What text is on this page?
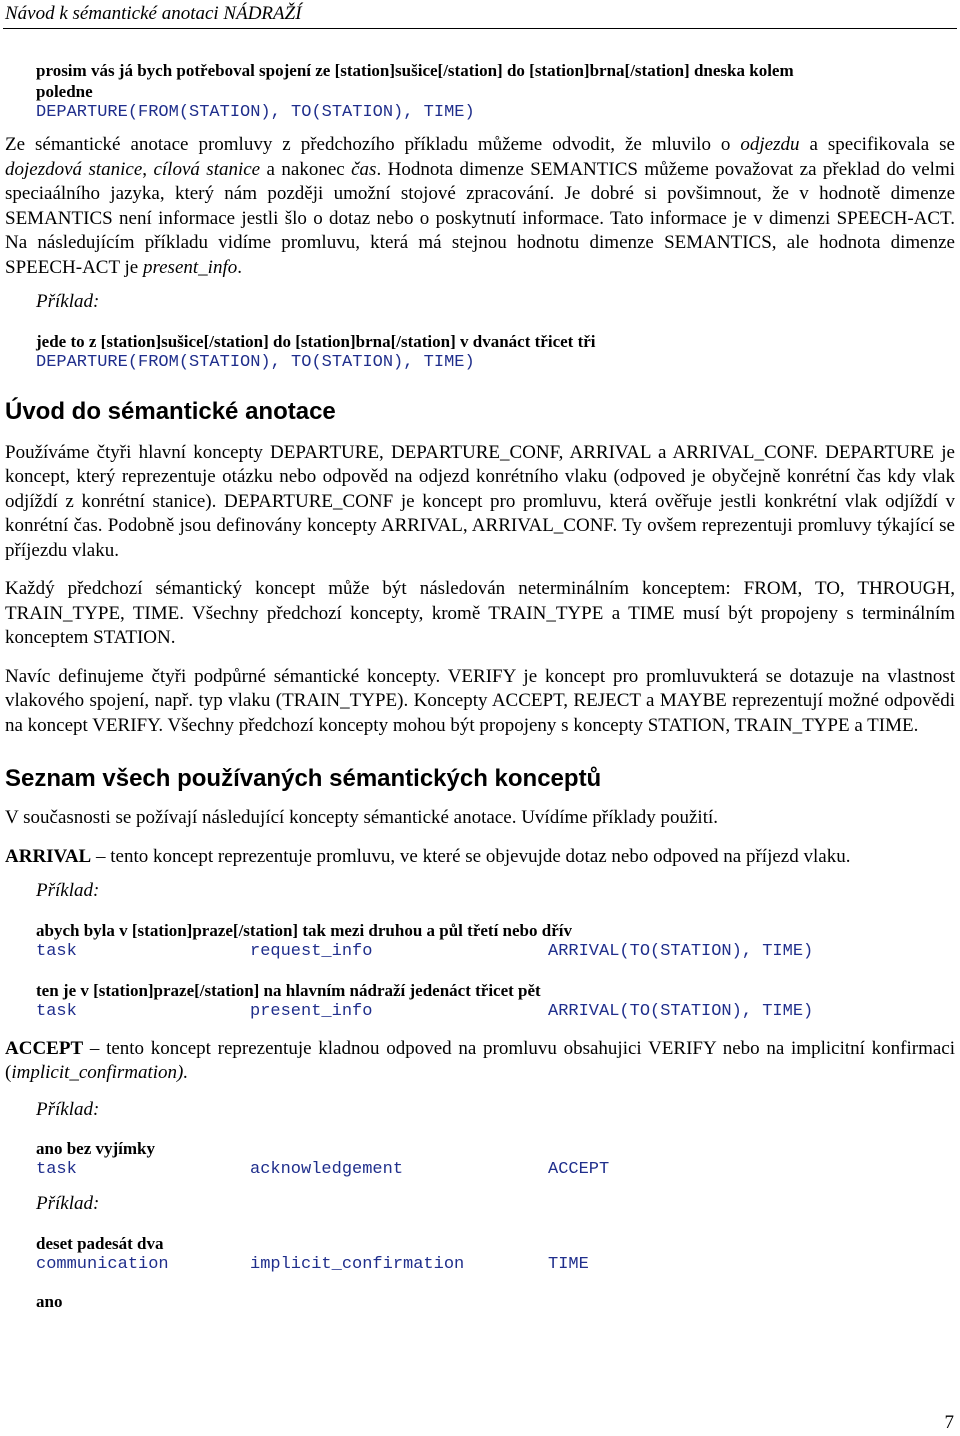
Návod k sémantické anotaci NÁDRAŽÍ

prosim vás já bych potřeboval spojení ze [station]sušice[/station] do [station]brna[/station] dneska kolem
poledne

DEPARTURE(FROM(STATION), TO(STATION), TIME)

Ze sémantické anotace promluvy z předchozího příkladu můžeme odvodit, že mluvilo o odjezdu a specifikovala se dojezdová stanice, cílová stanice a nakonec čas. Hodnota dimenze SEMANTICS můžeme považovat za překlad do velmi speciaálního jazyka, který nám později umožní stojové zpracování. Je dobré si povšimnout, že v hodnotě dimenze SEMANTICS není informace jestli šlo o dotaz nebo o poskytnutí informace. Tato informace je v dimenzi SPEECH-ACT. Na následujícím příkladu vidíme promluvu, která má stejnou hodnotu dimenze SEMANTICS, ale hodnota dimenze SPEECH-ACT je present_info.

Příklad:

jede to z [station]sušice[/station] do [station]brna[/station] v dvanáct třicet tři

DEPARTURE(FROM(STATION), TO(STATION), TIME)

Úvod do sémantické anotace

Používáme čtyři hlavní koncepty DEPARTURE, DEPARTURE_CONF, ARRIVAL a ARRIVAL_CONF. DEPARTURE je koncept, který reprezentuje otázku nebo odpověd na odjezd konrétního vlaku (odpoved je obyčejně konrétní čas kdy vlak odjíždí z konrétní stanice). DEPARTURE_CONF je koncept pro promluvu, která ověřuje jestli konkrétní vlak odjíždí v konrétní čas. Podobně jsou definovány koncepty ARRIVAL, ARRIVAL_CONF. Ty ovšem reprezentuji promluvy týkající se příjezdu vlaku.

Každý předchozí sémantický koncept může být následován neterminálním konceptem: FROM, TO, THROUGH, TRAIN_TYPE, TIME. Všechny předchozí koncepty, kromě TRAIN_TYPE a TIME musí být propojeny s terminálním konceptem STATION.

Navíc definujeme čtyři podpůrné sémantické koncepty. VERIFY je koncept pro promluvukterá se dotazuje na vlastnost vlakového spojení, např. typ vlaku (TRAIN_TYPE). Koncepty ACCEPT, REJECT a MAYBE reprezentují možné odpovědi na koncept VERIFY. Všechny předchozí koncepty mohou být propojeny s koncepty STATION, TRAIN_TYPE a TIME.

Seznam všech používaných sémantických konceptů

V současnosti se požívají následující koncepty sémantické anotace. Uvídíme příklady použití.

ARRIVAL – tento koncept reprezentuje promluvu, ve které se objevujde dotaz nebo odpoved na příjezd vlaku.

Příklad:

abych byla v [station]praze[/station] tak mezi druhou a půl třetí nebo dřív

task	request_info	ARRIVAL(TO(STATION), TIME)

ten je v [station]praze[/station] na hlavním nádraží jedenáct třicet pět

task	present_info	ARRIVAL(TO(STATION), TIME)

ACCEPT – tento koncept reprezentuje kladnou odpoved na promluvu obsahujici VERIFY nebo na implicitní konfirmaci (implicit_confirmation).

Příklad:

ano bez vyjímky

task	acknowledgement	ACCEPT

Příklad:

deset padesát dva

communication	implicit_confirmation	TIME

ano

7
